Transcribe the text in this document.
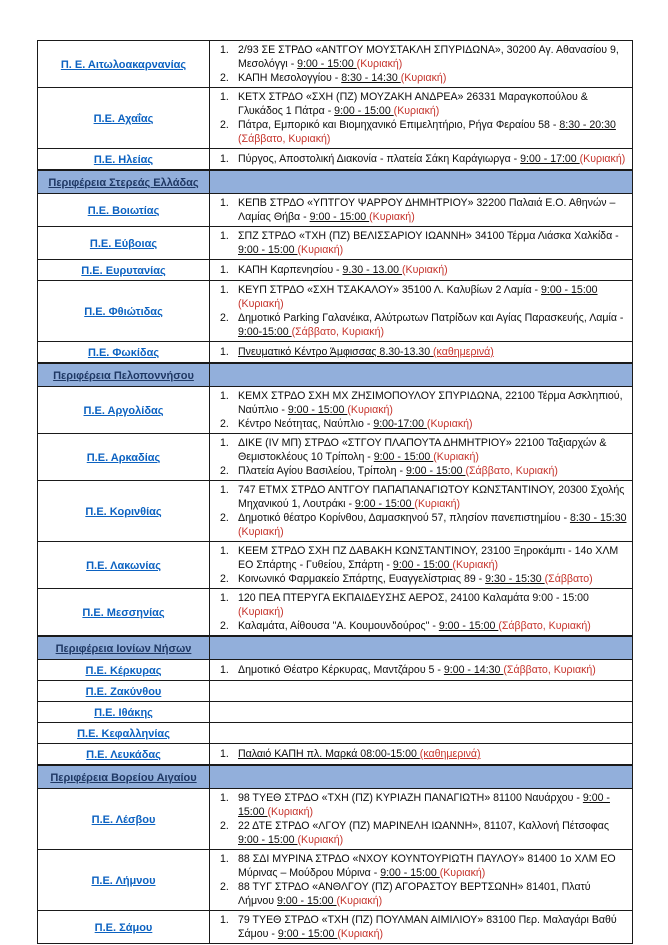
Π. Ε. Αιτωλοακαρνανίας	1. 2/93 ΣΕ ΣΤΡΔΟ «ΑΝΤΓΟΥ ΜΟΥΣΤΑΚΛΗ ΣΠΥΡΙΔΩΝΑ», 30200 Αγ. Αθανασίου 9, Μεσολόγγι - 9:00 - 15:00 (Κυριακή)
2. ΚΑΠΗ Μεσολογγίου - 8:30 - 14:30 (Κυριακή)

Π.Ε. Αχαΐας	1. ΚΕΤΧ ΣΤΡΔΟ «ΣΧΗ (ΠΖ) ΜΟΥΖΑΚΗ ΑΝΔΡΕΑ» 26331 Μαραγκοπούλου & Γλυκάδος 1 Πάτρα - 9:00 - 15:00 (Κυριακή)
2. Πάτρα, Εμπορικό και Βιομηχανικό Επιμελητήριο, Ρήγα Φεραίου 58 - 8:30 - 20:30 (Σάββατο, Κυριακή)

Π.Ε. Ηλείας	1. Πύργος, Αποστολική Διακονία - πλατεία Σάκη Καράγιωργα - 9:00 - 17:00 (Κυριακή)

Περιφέρεια Στερεάς Ελλάδας	
Π.Ε. Βοιωτίας	1. ΚΕΠΒ ΣΤΡΔΟ «ΥΠΤΓΟΥ ΨΑΡΡΟΥ ΔΗΜΗΤΡΙΟΥ» 32200 Παλαιά Ε.Ο. Αθηνών – Λαμίας Θήβα - 9:00 - 15:00 (Κυριακή)

Π.Ε. Εύβοιας	1. ΣΠΖ ΣΤΡΔΟ «ΤΧΗ (ΠΖ) ΒΕΛΙΣΣΑΡΙΟΥ ΙΩΑΝΝΗ» 34100 Τέρμα Λιάσκα Χαλκίδα - 9:00 - 15:00 (Κυριακή)

Π.Ε. Ευρυτανίας	1. ΚΑΠΗ Καρπενησίου - 9.30 - 13.00 (Κυριακή)

Π.Ε. Φθιώτιδας	1. ΚΕΥΠ ΣΤΡΔΟ «ΣΧΗ ΤΣΑΚΑΛΟΥ» 35100 Λ. Καλυβίων 2 Λαμία - 9:00 - 15:00 (Κυριακή)
2. Δημοτικό Parking Γαλανέικα, Αλύτρωτων Πατρίδων και Αγίας Παρασκευής, Λαμία - 9:00-15:00 (Σάββατο, Κυριακή)

Π.Ε. Φωκίδας	1. Πνευματικό Κέντρο Άμφισσας 8.30-13.30 (καθημερινά)

Περιφέρεια Πελοποννήσου	
Π.Ε. Αργολίδας	1. ΚΕΜΧ ΣΤΡΔΟ ΣΧΗ ΜΧ ΖΗΣΙΜΟΠΟΥΛΟΥ ΣΠΥΡΙΔΩΝΑ, 22100 Τέρμα Ασκληπιού, Ναύπλιο - 9:00 - 15:00 (Κυριακή)
2. Κέντρο Νεότητας, Ναύπλιο - 9:00-17:00 (Κυριακή)

Π.Ε. Αρκαδίας	1. ΔΙΚΕ (IV ΜΠ) ΣΤΡΔΟ «ΣΤΓΟΥ ΠΛΑΠΟΥΤΑ ΔΗΜΗΤΡΙΟΥ» 22100 Ταξιαρχών & Θεμιστοκλέους 10 Τρίπολη - 9:00 - 15:00 (Κυριακή)
2. Πλατεία Αγίου Βασιλείου, Τρίπολη - 9:00 - 15:00 (Σάββατο, Κυριακή)

Π.Ε. Κορινθίας	1. 747 ΕΤΜΧ ΣΤΡΔΟ ΑΝΤΓΟΥ ΠΑΠΑΠΑΝΑΓΙΩΤΟΥ ΚΩΝΣΤΑΝΤΙΝΟΥ, 20300 Σχολής Μηχανικού 1, Λουτράκι - 9:00 - 15:00 (Κυριακή)
2. Δημοτικό θέατρο Κορίνθου, Δαμασκηνού 57, πλησίον πανεπιστημίου - 8:30 - 15:30 (Κυριακή)

Π.Ε. Λακωνίας	1. ΚΕΕΜ ΣΤΡΔΟ ΣΧΗ ΠΖ ΔΑΒΑΚΗ ΚΩΝΣΤΑΝΤΙΝΟΥ, 23100 Ξηροκάμπι - 14ο ΧΛΜ ΕΟ Σπάρτης - Γυθείου, Σπάρτη - 9:00 - 15:00 (Κυριακή)
2. Κοινωνικό Φαρμακείο Σπάρτης, Ευαγγελίστριας 89 - 9:30 - 15:30 (Σάββατο)

Π.Ε. Μεσσηνίας	1. 120 ΠΕΑ ΠΤΕΡΥΓΑ ΕΚΠΑΙΔΕΥΣΗΣ ΑΕΡΟΣ, 24100 Καλαμάτα 9:00 - 15:00 (Κυριακή)
2. Καλαμάτα, Αίθουσα "Α. Κουμουνδούρος" - 9:00 - 15:00 (Σάββατο, Κυριακή)

Περιφέρεια Ιονίων Νήσων	
Π.Ε. Κέρκυρας	1. Δημοτικό Θέατρο Κέρκυρας, Μαντζάρου 5 - 9:00 - 14:30 (Σάββατο, Κυριακή)

Π.Ε. Ζακύνθου	
Π.Ε. Ιθάκης	
Π.Ε. Κεφαλληνίας	
Π.Ε. Λευκάδας	1. Παλαιό ΚΑΠΗ πλ. Μαρκά 08:00-15:00 (καθημερινά)

Περιφέρεια Βορείου Αιγαίου	
Π.Ε. Λέσβου	1. 98 ΤΥΕΘ ΣΤΡΔΟ «ΤΧΗ (ΠΖ) ΚΥΡΙΑΖΗ ΠΑΝΑΓΙΩΤΗ» 81100 Ναυάρχου - 9:00 - 15:00 (Κυριακή)
2. 22 ΔΤΕ ΣΤΡΔΟ «ΛΓΟΥ (ΠΖ) ΜΑΡΙΝΕΛΗ ΙΩΑΝΝΗ», 81107, Καλλονή Πέτσοφας 9:00 - 15:00 (Κυριακή)

Π.Ε. Λήμνου	1. 88 ΣΔΙ ΜΥΡΙΝΑ ΣΤΡΔΟ «ΝΧΟΥ ΚΟΥΝΤΟΥΡΙΩΤΗ ΠΑΥΛΟΥ» 81400 1ο ΧΛΜ ΕΟ Μύρινας – Μούδρου Μύρινα - 9:00 - 15:00 (Κυριακή)
2. 88 ΤΥΓ ΣΤΡΔΟ «ΑΝΘΛΓΟΥ (ΠΖ) ΑΓΟΡΑΣΤΟΥ ΒΕΡΤΣΩΝΗ» 81401, Πλατύ Λήμνου 9:00 - 15:00 (Κυριακή)

Π.Ε. Σάμου	1. 79 ΤΥΕΘ ΣΤΡΔΟ «ΤΧΗ (ΠΖ) ΠΟΥΛΜΑΝ ΑΙΜΙΛΙΟΥ» 83100 Περ. Μαλαγάρι Βαθύ Σάμου - 9:00 - 15:00 (Κυριακή)
